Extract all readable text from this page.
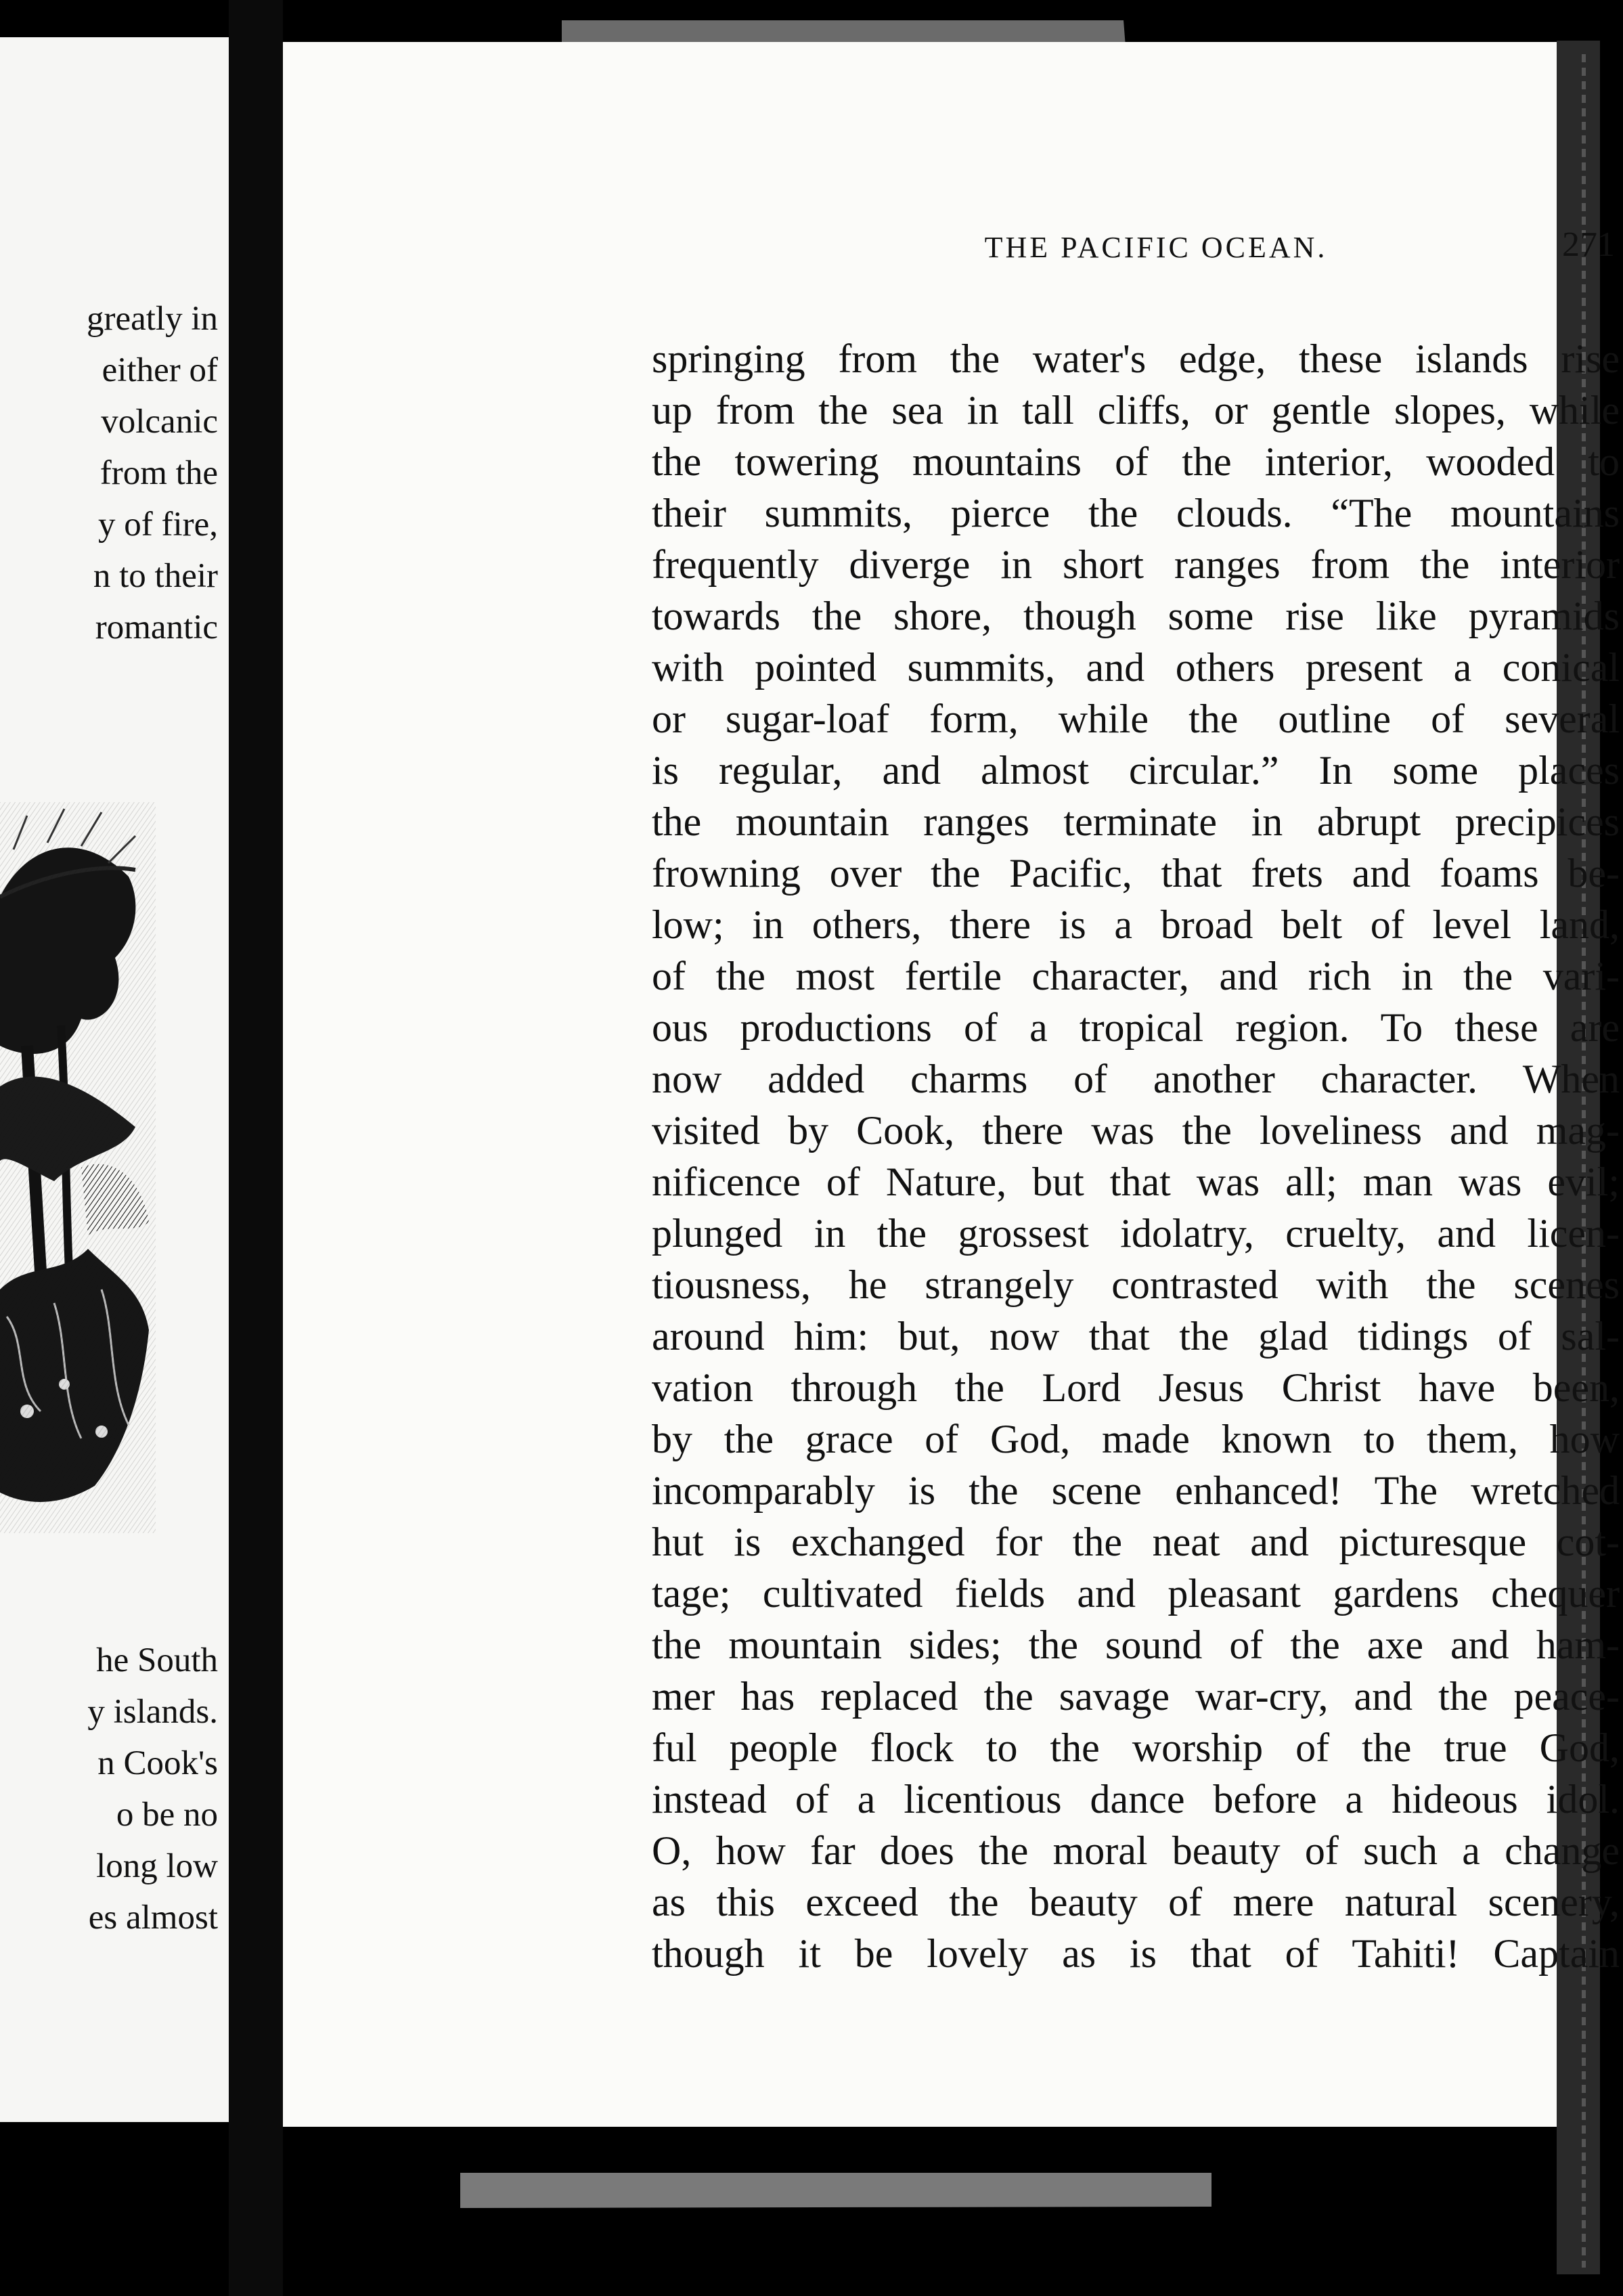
greatly in
either of
volcanic
from the
y of fire,
n to their
romantic
he South
y islands.
n Cook's
o be no
long low
es almost
THE PACIFIC OCEAN.	271
springing from the water's edge, these islands rise
up from the sea in tall cliffs, or gentle slopes, while
the towering mountains of the interior, wooded to
their summits, pierce the clouds. “The mountains
frequently diverge in short ranges from the interior
towards the shore, though some rise like pyramids
with pointed summits, and others present a conical
or sugar-loaf form, while the outline of several
is regular, and almost circular.” In some places
the mountain ranges terminate in abrupt precipices
frowning over the Pacific, that frets and foams be-
low; in others, there is a broad belt of level land,
of the most fertile character, and rich in the vari-
ous productions of a tropical region. To these are
now added charms of another character. When
visited by Cook, there was the loveliness and mag-
nificence of Nature, but that was all; man was evil;
plunged in the grossest idolatry, cruelty, and licen-
tiousness, he strangely contrasted with the scenes
around him: but, now that the glad tidings of sal-
vation through the Lord Jesus Christ have been,
by the grace of God, made known to them, how
incomparably is the scene enhanced! The wretched
hut is exchanged for the neat and picturesque cot-
tage; cultivated fields and pleasant gardens chequer
the mountain sides; the sound of the axe and ham-
mer has replaced the savage war-cry, and the peace-
ful people flock to the worship of the true God,
instead of a licentious dance before a hideous idol.
O, how far does the moral beauty of such a change
as this exceed the beauty of mere natural scenery,
though it be lovely as is that of Tahiti! Captain
